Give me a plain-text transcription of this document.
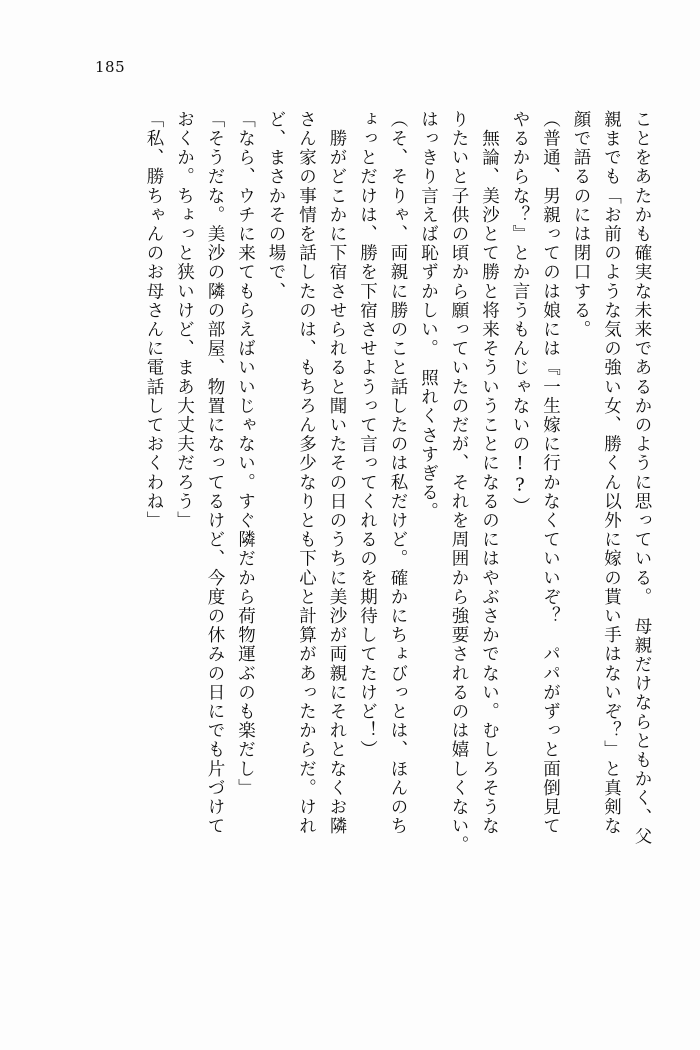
185
ことをあたかも確実な未来であるかのように思っている。　母親だけならともかく、父
親までも「お前のような気の強い女、勝くん以外に嫁の貰い手はないぞ？」と真剣な
顔で語るのには閉口する。
（普通、男親ってのは娘には『一生嫁に行かなくていいぞ？　パパがずっと面倒見て
やるからな？』とか言うもんじゃないの!?）
　無論、美沙とて勝と将来そういうことになるのにはやぶさかでない。むしろそうな
りたいと子供の頃から願っていたのだが、それを周囲から強要されるのは嬉しくない。
はっきり言えば恥ずかしい。　照れくさすぎる。
（そ、そりゃ、両親に勝のこと話したのは私だけど。確かにちょびっとは、ほんのち
ょっとだけは、勝を下宿させようって言ってくれるのを期待してたけど！）
　勝がどこかに下宿させられると聞いたその日のうちに美沙が両親にそれとなくお隣
さん家の事情を話したのは、もちろん多少なりとも下心と計算があったからだ。けれ
ど、まさかその場で、
「なら、ウチに来てもらえばいいじゃない。すぐ隣だから荷物運ぶのも楽だし」
「そうだな。美沙の隣の部屋、物置になってるけど、今度の休みの日にでも片づけて
おくか。ちょっと狭いけど、まあ大丈夫だろう」
「私、勝ちゃんのお母さんに電話しておくわね」
